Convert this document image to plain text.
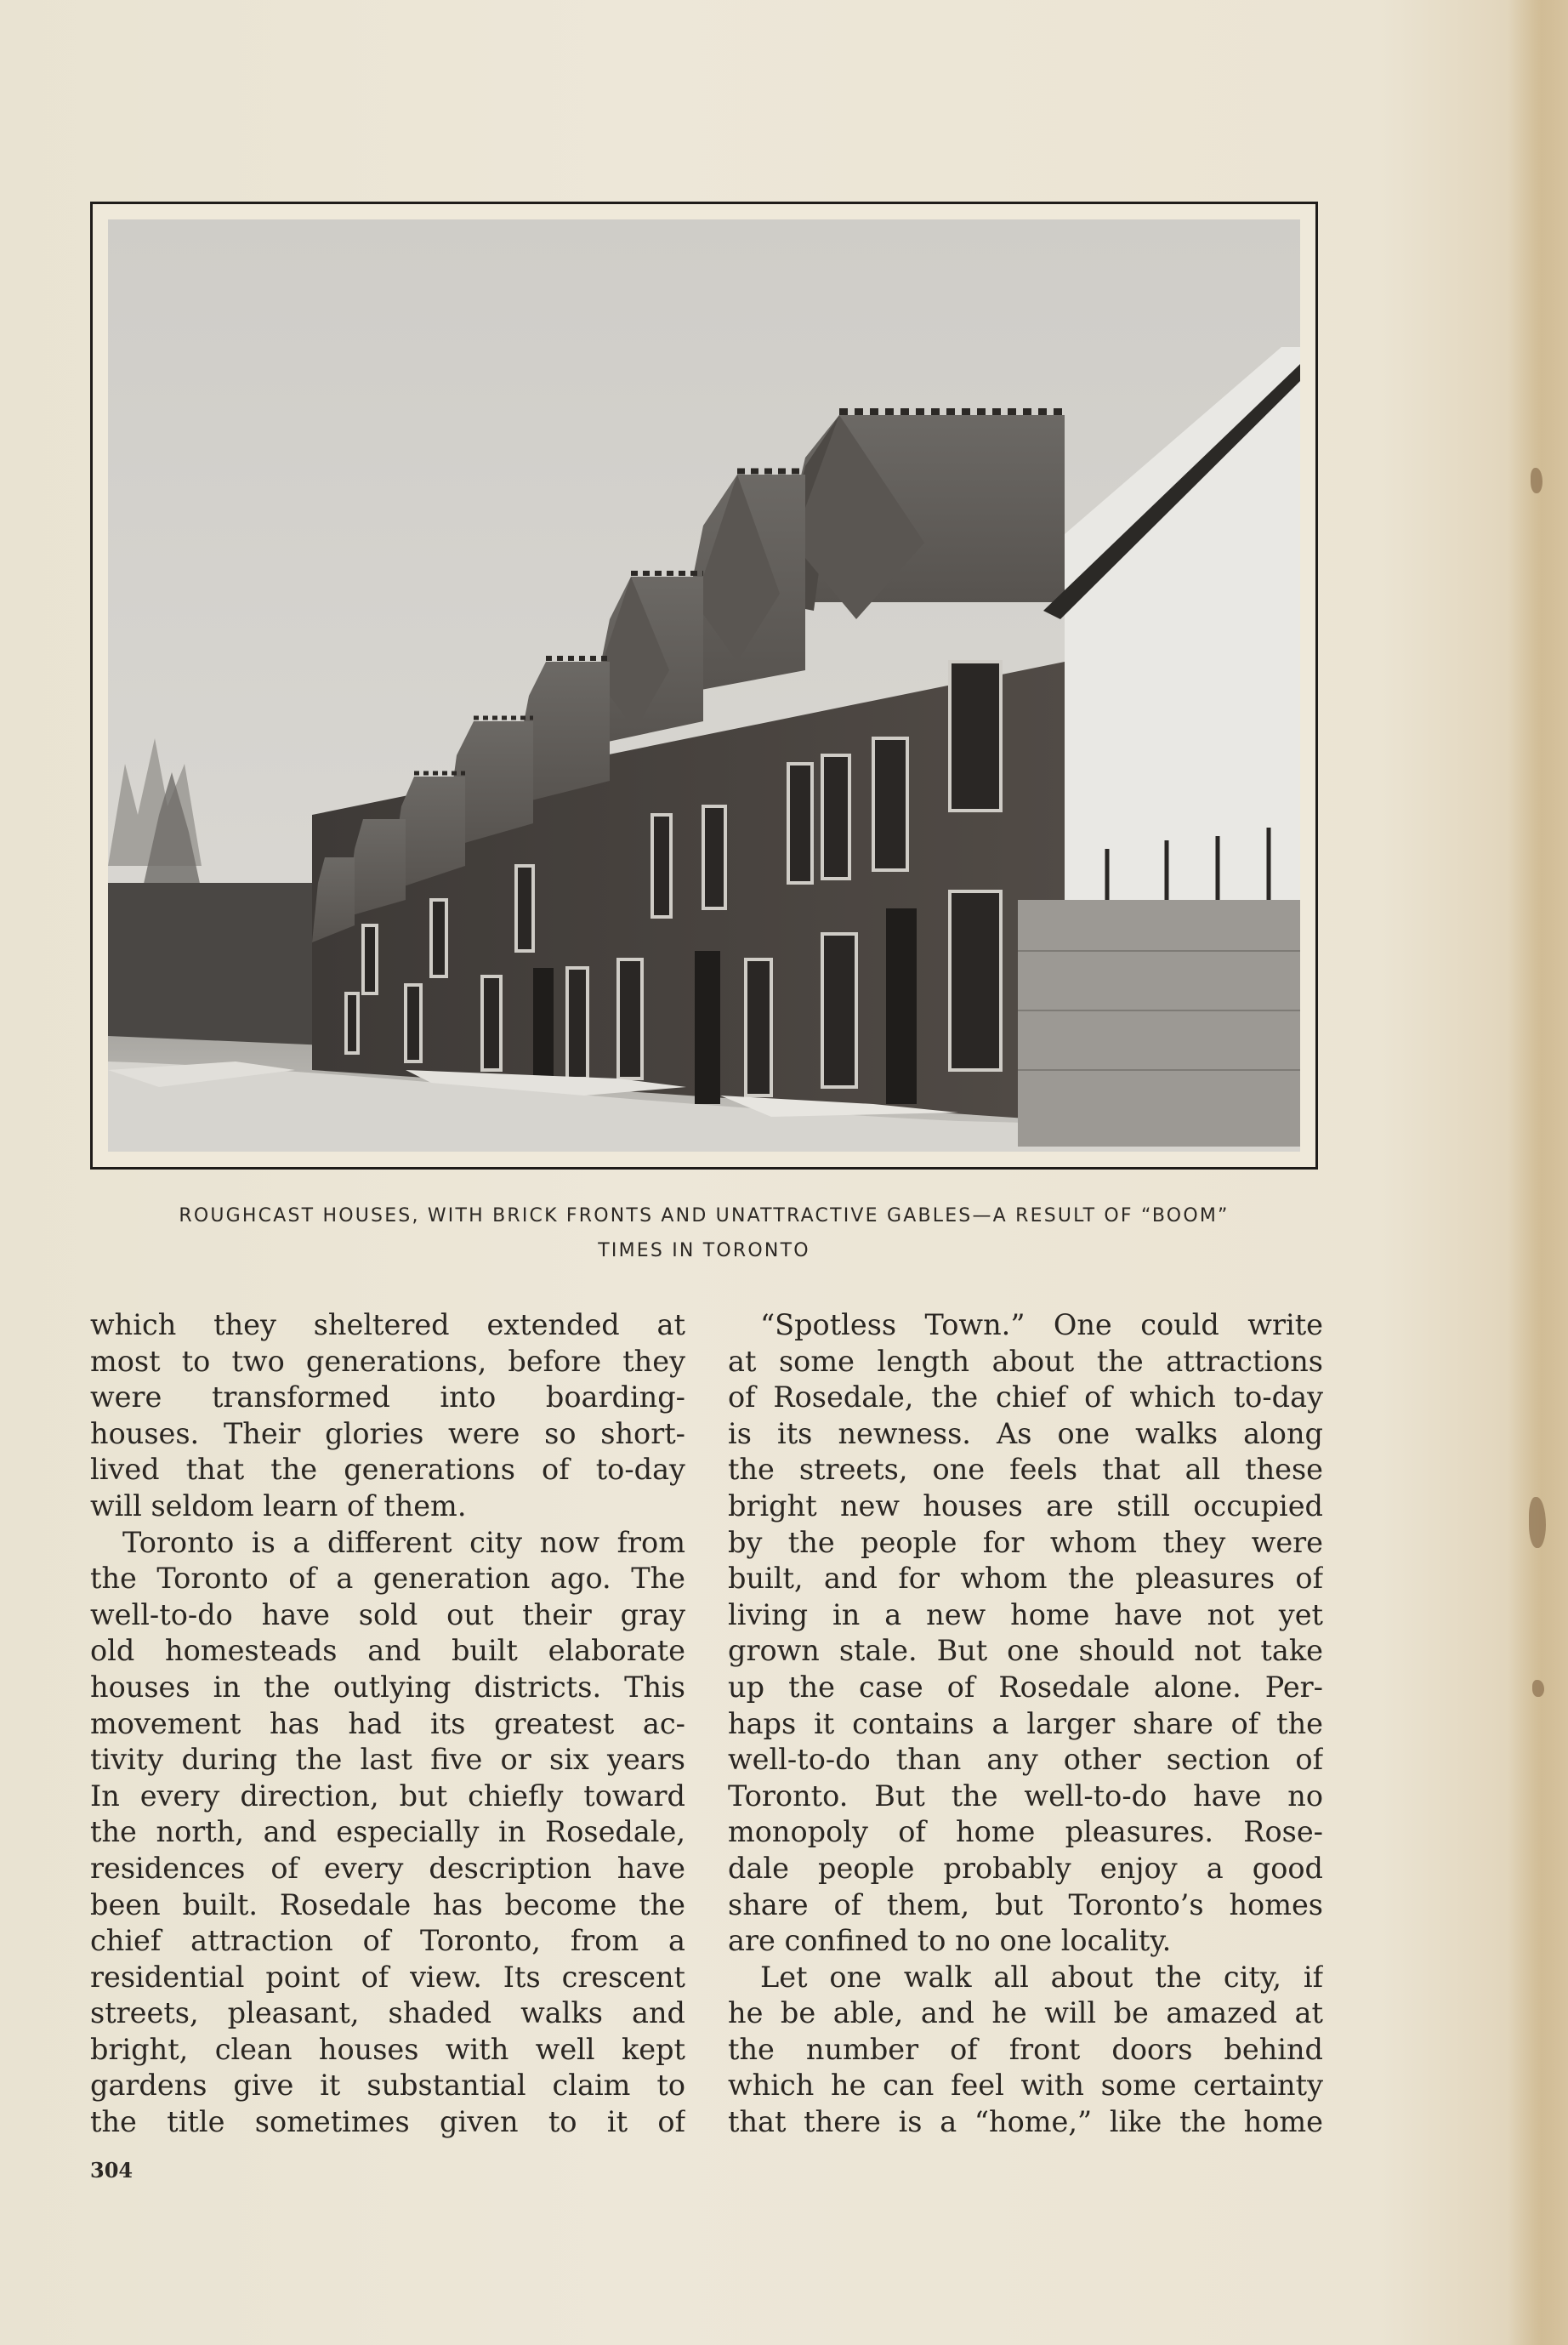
ROUGHCAST HOUSES, WITH BRICK FRONTS AND UNATTRACTIVE GABLES—A RESULT OF “BOOM”
TIMES IN TORONTO
which they sheltered extended at
most to two generations, before they
were transformed into boarding-
houses. Their glories were so short-
lived that the generations of to-day
will seldom learn of them.
Toronto is a different city now from
the Toronto of a generation ago. The
well-to-do have sold out their gray
old homesteads and built elaborate
houses in the outlying districts. This
movement has had its greatest ac-
tivity during the last five or six years
In every direction, but chiefly toward
the north, and especially in Rosedale,
residences of every description have
been built. Rosedale has become the
chief attraction of Toronto, from a
residential point of view. Its crescent
streets, pleasant, shaded walks and
bright, clean houses with well kept
gardens give it substantial claim to
the title sometimes given to it of
“Spotless Town.” One could write
at some length about the attractions
of Rosedale, the chief of which to-day
is its newness. As one walks along
the streets, one feels that all these
bright new houses are still occupied
by the people for whom they were
built, and for whom the pleasures of
living in a new home have not yet
grown stale. But one should not take
up the case of Rosedale alone. Per-
haps it contains a larger share of the
well-to-do than any other section of
Toronto. But the well-to-do have no
monopoly of home pleasures. Rose-
dale people probably enjoy a good
share of them, but Toronto’s homes
are confined to no one locality.
Let one walk all about the city, if
he be able, and he will be amazed at
the number of front doors behind
which he can feel with some certainty
that there is a “home,” like the home
304
